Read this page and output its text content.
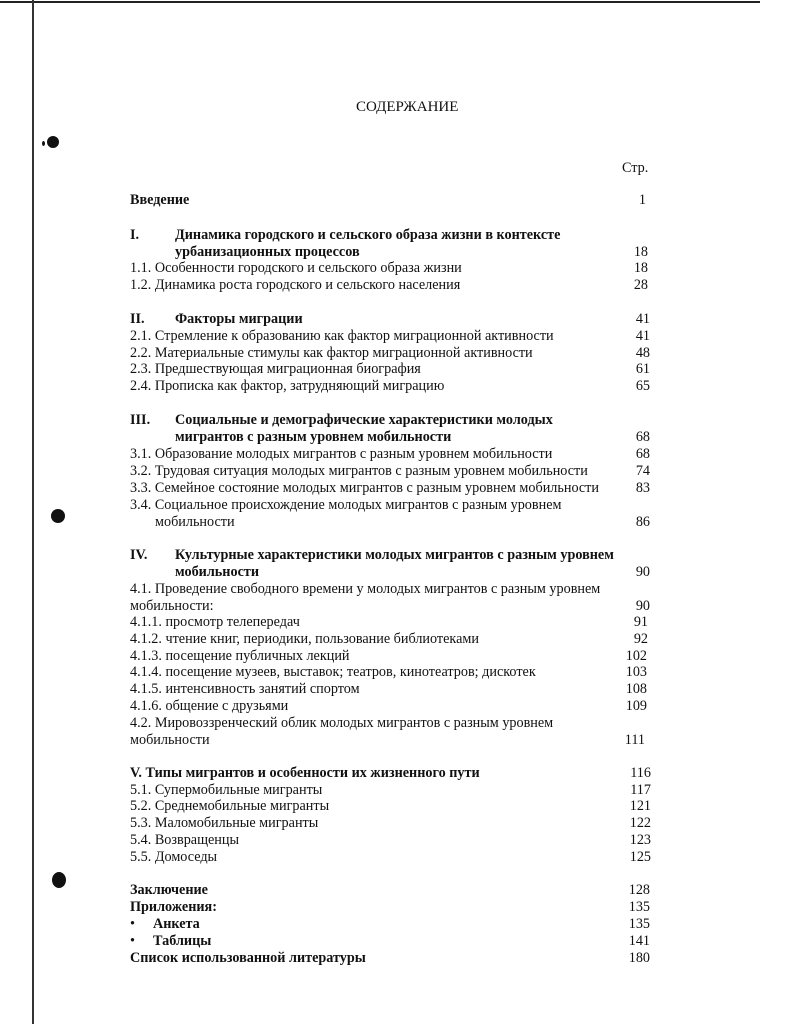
СОДЕРЖАНИЕ
Стр.
Введение	1
I.	Динамика городского и сельского образа жизни в контексте
урбанизационных процессов	18
1.1. Особенности городского и сельского образа жизни	18
1.2. Динамика роста городского и сельского населения	28
II. Факторы миграции	41
2.1. Стремление к образованию как фактор миграционной активности	41
2.2. Материальные стимулы как фактор миграционной активности	48
2.3. Предшествующая миграционная биография	61
2.4. Прописка как фактор, затрудняющий миграцию	65
III. Социальные и демографические характеристики молодых
мигрантов с разным уровнем мобильности	68
3.1. Образование молодых мигрантов с разным уровнем мобильности	68
3.2. Трудовая ситуация молодых мигрантов с разным уровнем мобильности	74
3.3. Семейное состояние молодых мигрантов с разным уровнем мобильности	83
3.4. Социальное происхождение молодых мигрантов с разным уровнем
мобильности	86
IV. Культурные характеристики молодых мигрантов с разным уровнем
мобильности	90
4.1. Проведение свободного времени у молодых мигрантов с разным уровнем
мобильности:	90
4.1.1. просмотр телепередач	91
4.1.2. чтение книг, периодики, пользование библиотеками	92
4.1.3. посещение публичных лекций	102
4.1.4. посещение музеев, выставок; театров, кинотеатров; дискотек	103
4.1.5. интенсивность занятий спортом	108
4.1.6. общение с друзьями	109
4.2. Мировоззренческий облик молодых мигрантов с разным уровнем
мобильности	111
V. Типы мигрантов и особенности их жизненного пути	116
5.1. Супермобильные мигранты	117
5.2. Среднемобильные мигранты	121
5.3. Маломобильные мигранты	122
5.4. Возвращенцы	123
5.5. Домоседы	125
Заключение	128
Приложения:	135
• Анкета	135
• Таблицы	141
Список использованной литературы	180
